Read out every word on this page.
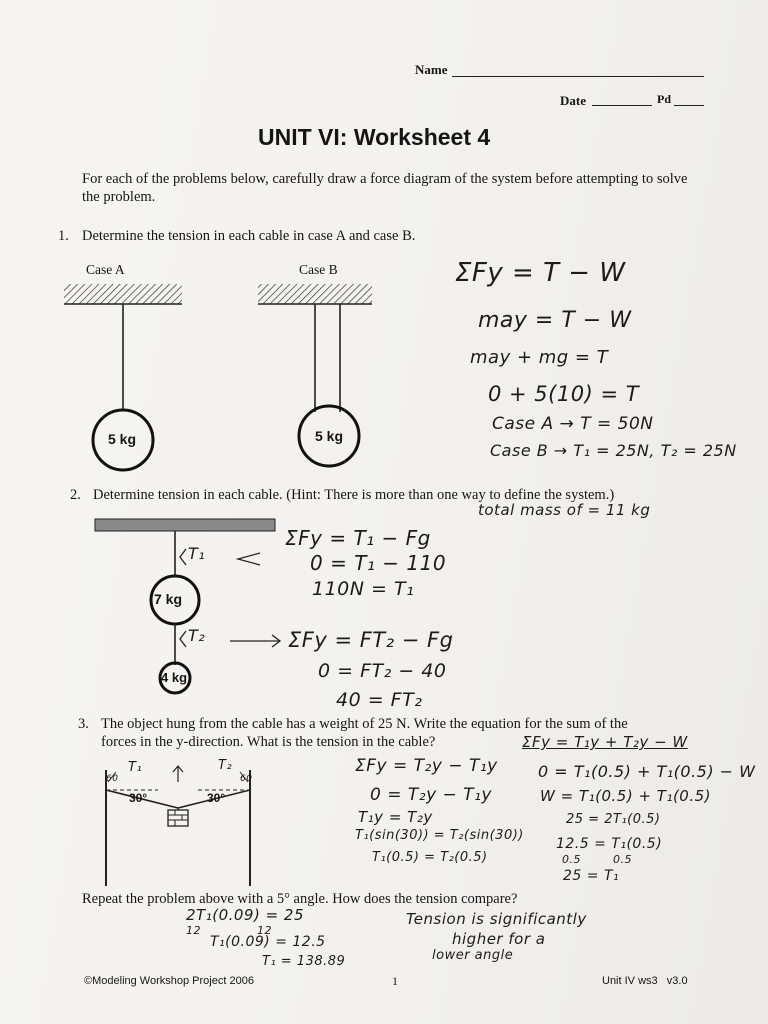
Name
Date	Pd
UNIT VI: Worksheet 4
For each of the problems below, carefully draw a force diagram of the system before attempting to solve the problem.
1. Determine the tension in each cable in case A and case B.
Case A	Case B
5 kg	5 kg
ΣFy = T − W
may = T − W
may + mg = T
0 + 5(10) = T
Case A → T = 50N
Case B → T₁ = 25N, T₂ = 25N
2. Determine tension in each cable. (Hint: There is more than one way to define the system.)
total mass of = 11 kg
7 kg
4 kg
T₁
T₂
ΣFy = T₁ − Fg
0 = T₁ − 110
110N = T₁
ΣFy = FT₂ − Fg
0 = FT₂ − 40
40 = FT₂
3. The object hung from the cable has a weight of 25 N. Write the equation for the sum of the
forces in the y-direction. What is the tension in the cable?	ΣFy = T₁y + T₂y − W
30°	30°
T₁	T₂
60	60
ΣFy = T₂y − T₁y
0 = T₂y − T₁y
T₁y = T₂y
T₁(sin(30)) = T₂(sin(30))
T₁(0.5) = T₂(0.5)
0 = T₁(0.5) + T₁(0.5) − W
W = T₁(0.5) + T₁(0.5)
25 = 2T₁(0.5)
12.5 = T₁(0.5)
0.5        0.5
25 = T₁
Repeat the problem above with a 5° angle. How does the tension compare?
2T₁(0.09) = 25
12              12
T₁(0.09) = 12.5
T₁ = 138.89
Tension is significantly
higher for a
lower angle
©Modeling Workshop Project 2006	1	Unit IV ws3   v3.0
